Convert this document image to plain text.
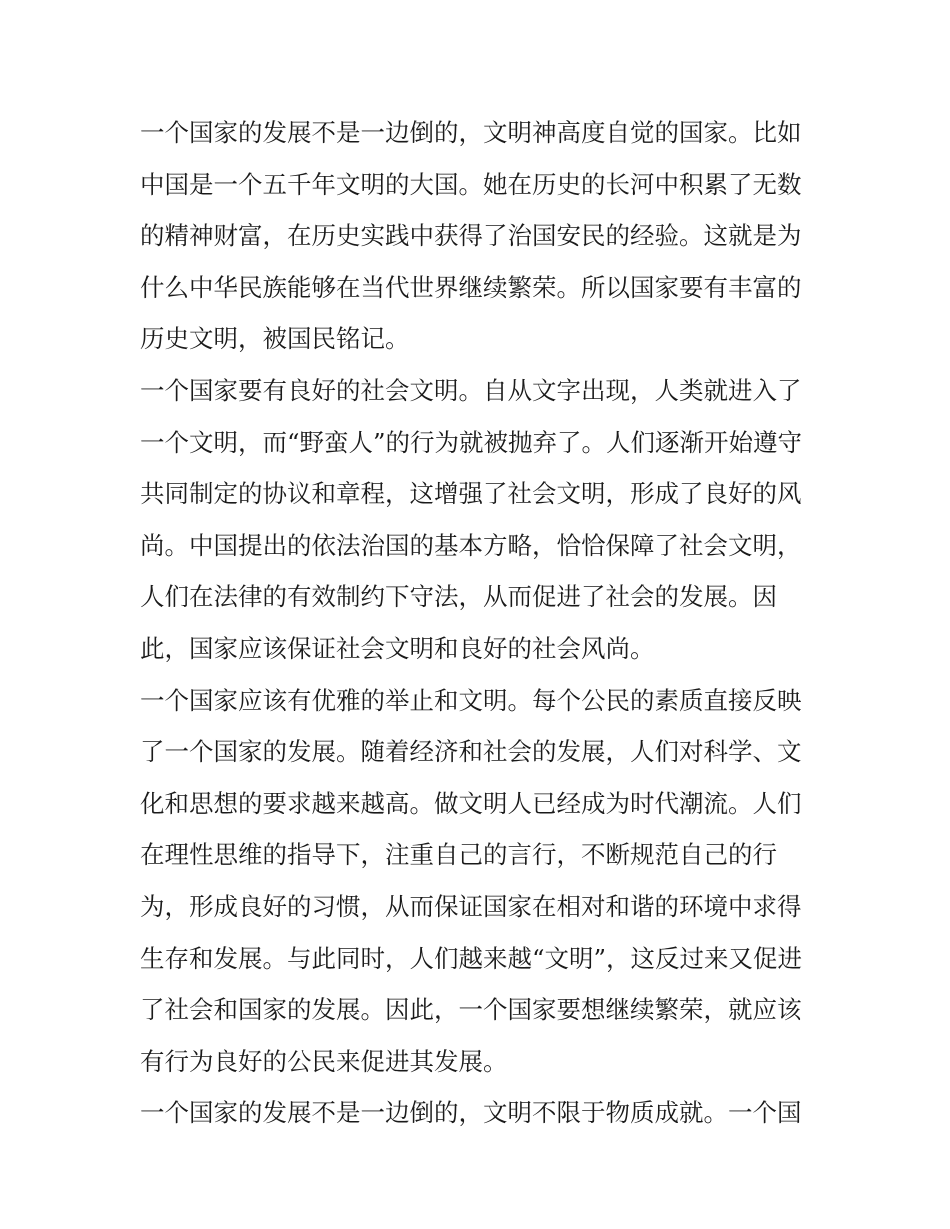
一个国家的发展不是一边倒的，文明神高度自觉的国家。比如
中国是一个五千年文明的大国。她在历史的长河中积累了无数
的精神财富，在历史实践中获得了治国安民的经验。这就是为
什么中华民族能够在当代世界继续繁荣。所以国家要有丰富的
历史文明，被国民铭记。
一个国家要有良好的社会文明。自从文字出现，人类就进入了
一个文明，而“野蛮人”的行为就被抛弃了。人们逐渐开始遵守
共同制定的协议和章程，这增强了社会文明，形成了良好的风
尚。中国提出的依法治国的基本方略，恰恰保障了社会文明，
人们在法律的有效制约下守法，从而促进了社会的发展。因
此，国家应该保证社会文明和良好的社会风尚。
一个国家应该有优雅的举止和文明。每个公民的素质直接反映
了一个国家的发展。随着经济和社会的发展，人们对科学、文
化和思想的要求越来越高。做文明人已经成为时代潮流。人们
在理性思维的指导下，注重自己的言行，不断规范自己的行
为，形成良好的习惯，从而保证国家在相对和谐的环境中求得
生存和发展。与此同时，人们越来越“文明”，这反过来又促进
了社会和国家的发展。因此，一个国家要想继续繁荣，就应该
有行为良好的公民来促进其发展。
一个国家的发展不是一边倒的，文明不限于物质成就。一个国
